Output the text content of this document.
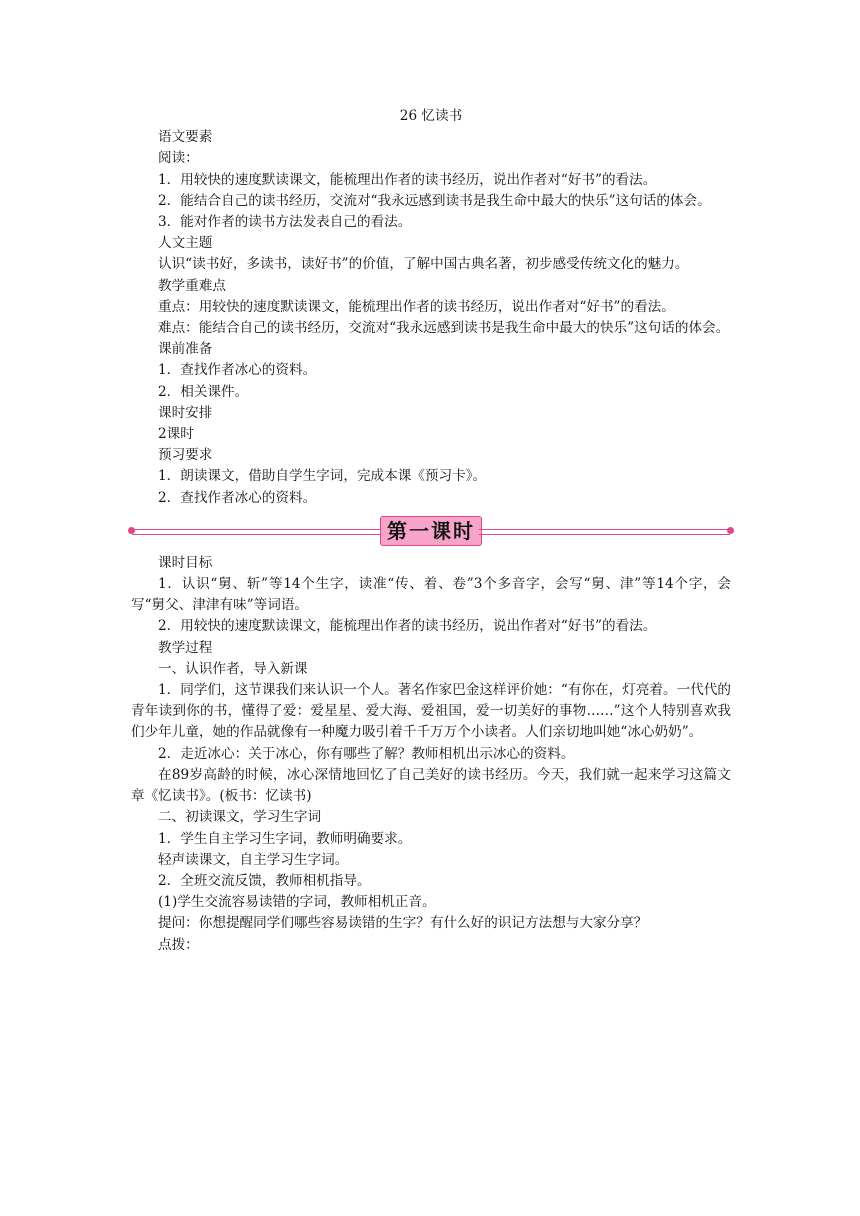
26 忆读书

语文要素

阅读：

1．用较快的速度默读课文，能梳理出作者的读书经历，说出作者对“好书”的看法。

2．能结合自己的读书经历，交流对“我永远感到读书是我生命中最大的快乐”这句话的体会。

3．能对作者的读书方法发表自己的看法。

人文主题

认识“读书好，多读书，读好书”的价值，了解中国古典名著，初步感受传统文化的魅力。

教学重难点

重点：用较快的速度默读课文，能梳理出作者的读书经历，说出作者对“好书”的看法。

难点：能结合自己的读书经历，交流对“我永远感到读书是我生命中最大的快乐”这句话的体会。

课前准备

1．查找作者冰心的资料。

2．相关课件。

课时安排

2课时

预习要求

1．朗读课文，借助自学生字词，完成本课《预习卡》。

2．查找作者冰心的资料。

第一课时

课时目标

1．认识“舅、斩”等14个生字，读准“传、着、卷”3个多音字，会写“舅、津”等14个字，会写“舅父、津津有味”等词语。

2．用较快的速度默读课文，能梳理出作者的读书经历，说出作者对“好书”的看法。

教学过程

一、认识作者，导入新课

1．同学们，这节课我们来认识一个人。著名作家巴金这样评价她：“有你在，灯亮着。一代代的青年读到你的书，懂得了爱：爱星星、爱大海、爱祖国，爱一切美好的事物……”这个人特别喜欢我们少年儿童，她的作品就像有一种魔力吸引着千千万万个小读者。人们亲切地叫她“冰心奶奶”。

2．走近冰心：关于冰心，你有哪些了解？教师相机出示冰心的资料。

在89岁高龄的时候，冰心深情地回忆了自己美好的读书经历。今天，我们就一起来学习这篇文章《忆读书》。(板书：忆读书)

二、初读课文，学习生字词

1．学生自主学习生字词，教师明确要求。

轻声读课文，自主学习生字词。

2．全班交流反馈，教师相机指导。

(1)学生交流容易读错的字词，教师相机正音。

提问：你想提醒同学们哪些容易读错的生字？有什么好的识记方法想与大家分享？

点拨：
